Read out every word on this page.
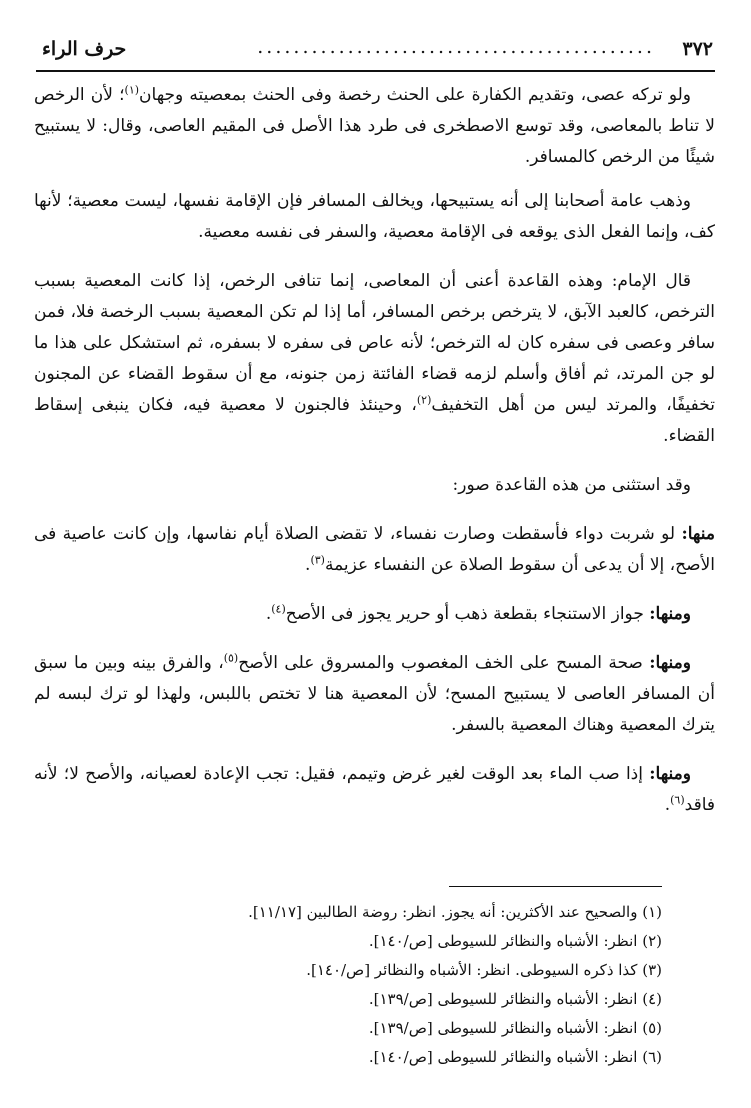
٣٧٢
............................................
حرف الراء

ولو تركه عصى، وتقديم الكفارة على الحنث رخصة وفى الحنث بمعصيته وجهان$^{(١)}$؛ لأن الرخص لا تناط بالمعاصى، وقد توسع الاصطخرى فى طرد هذا الأصل فى المقيم العاصى، وقال: لا يستبيح شيئًا من الرخص كالمسافر.

وذهب عامة أصحابنا إلى أنه يستبيحها، ويخالف المسافر فإن الإقامة نفسها، ليست معصية؛ لأنها كف، وإنما الفعل الذى يوقعه فى الإقامة معصية، والسفر فى نفسه معصية.

قال الإمام: وهذه القاعدة أعنى أن المعاصى، إنما تنافى الرخص، إذا كانت المعصية بسبب الترخص، كالعبد الآبق، لا يترخص برخص المسافر، أما إذا لم تكن المعصية بسبب الرخصة فلا، فمن سافر وعصى فى سفره كان له الترخص؛ لأنه عاص فى سفره لا بسفره، ثم استشكل على هذا ما لو جن المرتد، ثم أفاق وأسلم لزمه قضاء الفائتة زمن جنونه، مع أن سقوط القضاء عن المجنون تخفيفًا، والمرتد ليس من أهل التخفيف$^{(٢)}$، وحينئذ فالجنون لا معصية فيه، فكان ينبغى إسقاط القضاء.

وقد استثنى من هذه القاعدة صور:

منها: لو شربت دواء فأسقطت وصارت نفساء، لا تقضى الصلاة أيام نفاسها، وإن كانت عاصية فى الأصح، إلا أن يدعى أن سقوط الصلاة عن النفساء عزيمة$^{(٣)}$.

ومنها: جواز الاستنجاء بقطعة ذهب أو حرير يجوز فى الأصح$^{(٤)}$.

ومنها: صحة المسح على الخف المغصوب والمسروق على الأصح$^{(٥)}$، والفرق بينه وبين ما سبق أن المسافر العاصى لا يستبيح المسح؛ لأن المعصية هنا لا تختص باللبس، ولهذا لو ترك لبسه لم يترك المعصية وهناك المعصية بالسفر.

ومنها: إذا صب الماء بعد الوقت لغير غرض وتيمم، فقيل: تجب الإعادة لعصيانه، والأصح لا؛ لأنه فاقد$^{(٦)}$.

(١) والصحيح عند الأكثرين: أنه يجوز. انظر: روضة الطالبين [١١/١٧].
(٢) انظر: الأشباه والنظائر للسيوطى [ص/١٤٠].
(٣) كذا ذكره السيوطى. انظر: الأشباه والنظائر [ص/١٤٠].
(٤) انظر: الأشباه والنظائر للسيوطى [ص/١٣٩].
(٥) انظر: الأشباه والنظائر للسيوطى [ص/١٣٩].
(٦) انظر: الأشباه والنظائر للسيوطى [ص/١٤٠].
